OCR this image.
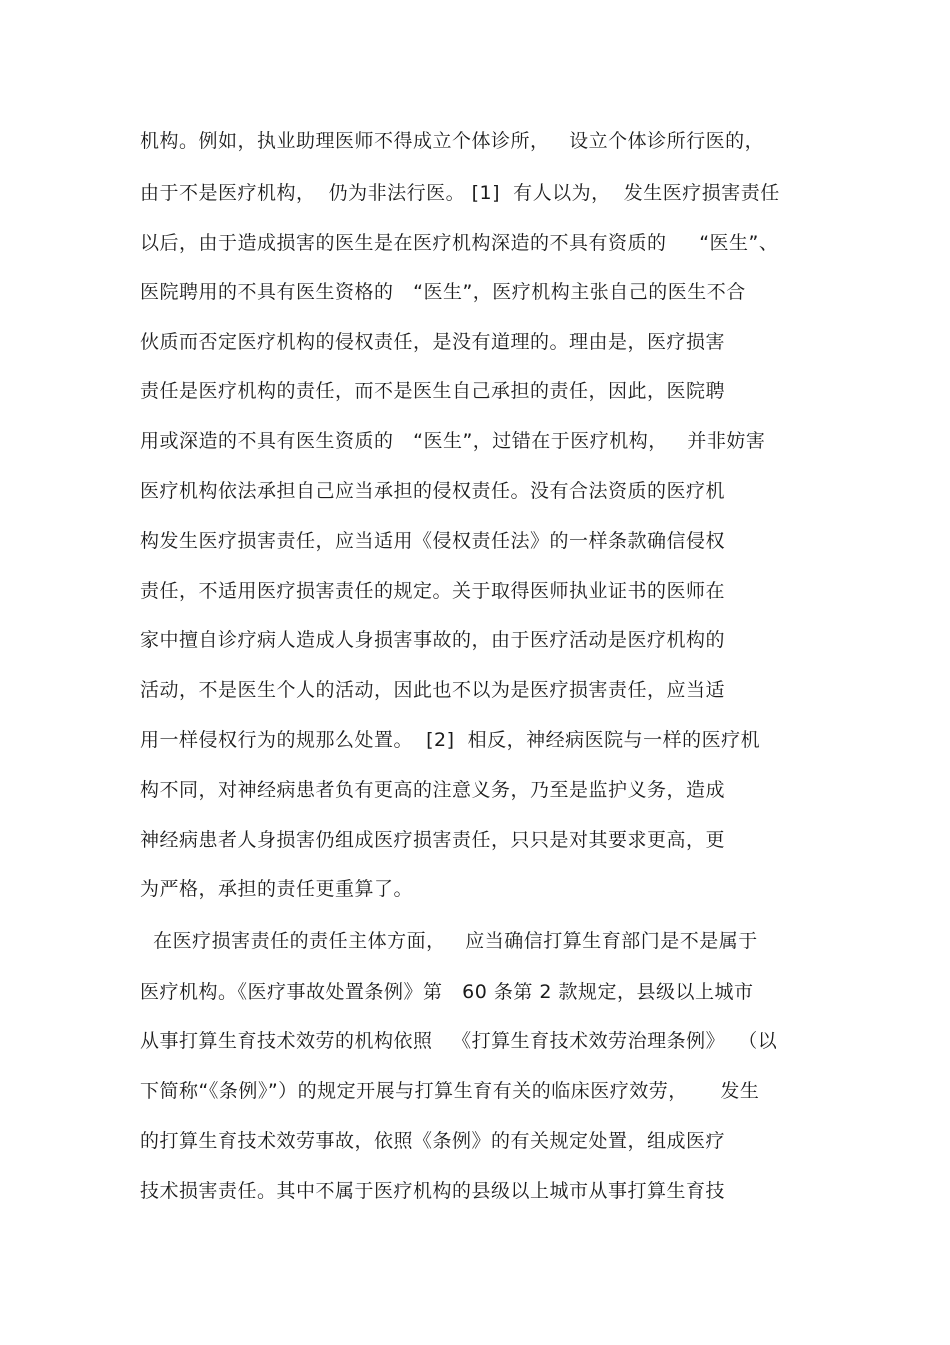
机构。例如，执业助理医师不得成立个体诊所，   设立个体诊所行医的，
由于不是医疗机构，  仍为非法行医。 [1]  有人以为，  发生医疗损害责任
以后，由于造成损害的医生是在医疗机构深造的不具有资质的     “医生”、
医院聘用的不具有医生资格的   “医生”，医疗机构主张自己的医生不合
伙质而否定医疗机构的侵权责任，是没有道理的。理由是，医疗损害
责任是医疗机构的责任，而不是医生自己承担的责任，因此，医院聘
用或深造的不具有医生资质的   “医生”，过错在于医疗机构，   并非妨害
医疗机构依法承担自己应当承担的侵权责任。没有合法资质的医疗机
构发生医疗损害责任，应当适用《侵权责任法》的一样条款确信侵权
责任，不适用医疗损害责任的规定。关于取得医师执业证书的医师在
家中擅自诊疗病人造成人身损害事故的，由于医疗活动是医疗机构的
活动，不是医生个人的活动，因此也不以为是医疗损害责任，应当适
用一样侵权行为的规那么处置。  [2]  相反，神经病医院与一样的医疗机
构不同，对神经病患者负有更高的注意义务，乃至是监护义务，造成
神经病患者人身损害仍组成医疗损害责任，只只是对其要求更高，更
为严格，承担的责任更重算了。
在医疗损害责任的责任主体方面，   应当确信打算生育部门是不是属于
医疗机构。《医疗事故处置条例》第   60 条第 2 款规定，县级以上城市
从事打算生育技术效劳的机构依照   《打算生育技术效劳治理条例》  （以
下简称“《条例》”）的规定开展与打算生育有关的临床医疗效劳，     发生
的打算生育技术效劳事故，依照《条例》的有关规定处置，组成医疗
技术损害责任。其中不属于医疗机构的县级以上城市从事打算生育技
